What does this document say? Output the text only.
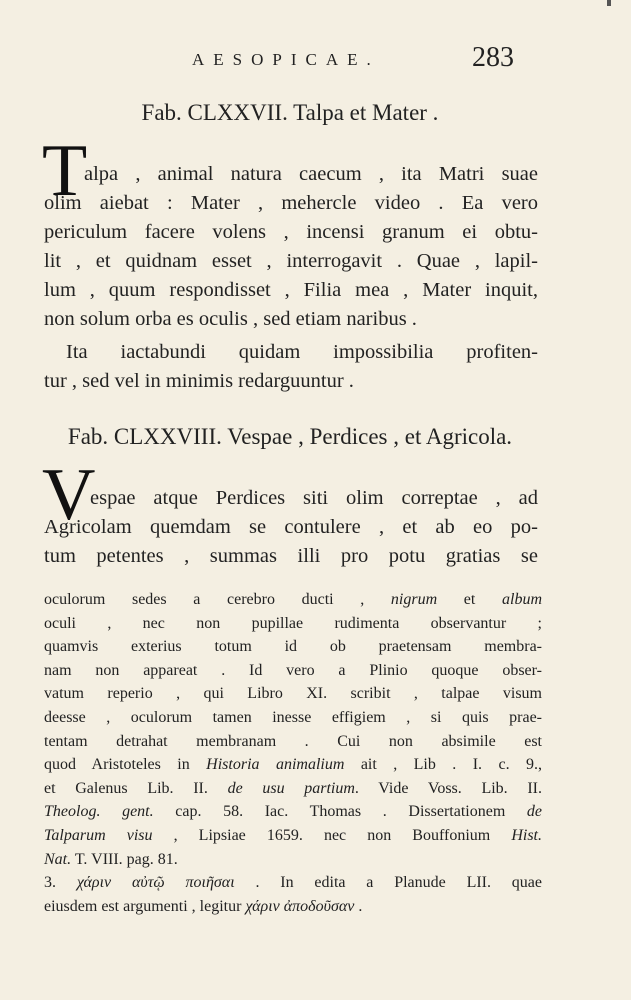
AESOPICAE.	283
Fab. CLXXVII. Talpa et Mater .
T
alpa , animal natura caecum , ita Matri suae
olim aiebat : Mater , mehercle video . Ea vero
periculum facere volens , incensi granum ei obtu-
lit , et quidnam esset , interrogavit . Quae , lapil-
lum , quum respondisset , Filia mea , Mater inquit,
non solum orba es oculis , sed etiam naribus .
Ita iactabundi quidam impossibilia profiten-
tur , sed vel in minimis redarguuntur .
Fab. CLXXVIII. Vespae , Perdices , et Agricola.
V
espae atque Perdices siti olim correptae , ad
Agricolam quemdam se contulere , et ab eo po-
tum petentes , summas illi pro potu gratias se
oculorum sedes a cerebro ducti , nigrum et album
oculi , nec non pupillae rudimenta observantur ;
quamvis exterius totum id ob praetensam membra-
nam non appareat . Id vero a Plinio quoque obser-
vatum reperio , qui Libro XI. scribit , talpae visum
deesse , oculorum tamen inesse effigiem , si quis prae-
tentam detrahat membranam . Cui non absimile est
quod Aristoteles in Historia animalium ait , Lib . I. c. 9.,
et Galenus Lib. II. de usu partium. Vide Voss. Lib. II.
Theolog. gent. cap. 58. Iac. Thomas . Dissertationem de
Talparum visu , Lipsiae 1659. nec non Bouffonium Hist.
Nat. T. VIII. pag. 81.
3. χάριν αὐτῷ ποιῆσαι . In edita a Planude LII. quae
eiusdem est argumenti , legitur χάριν ἀποδοῦσαν .
